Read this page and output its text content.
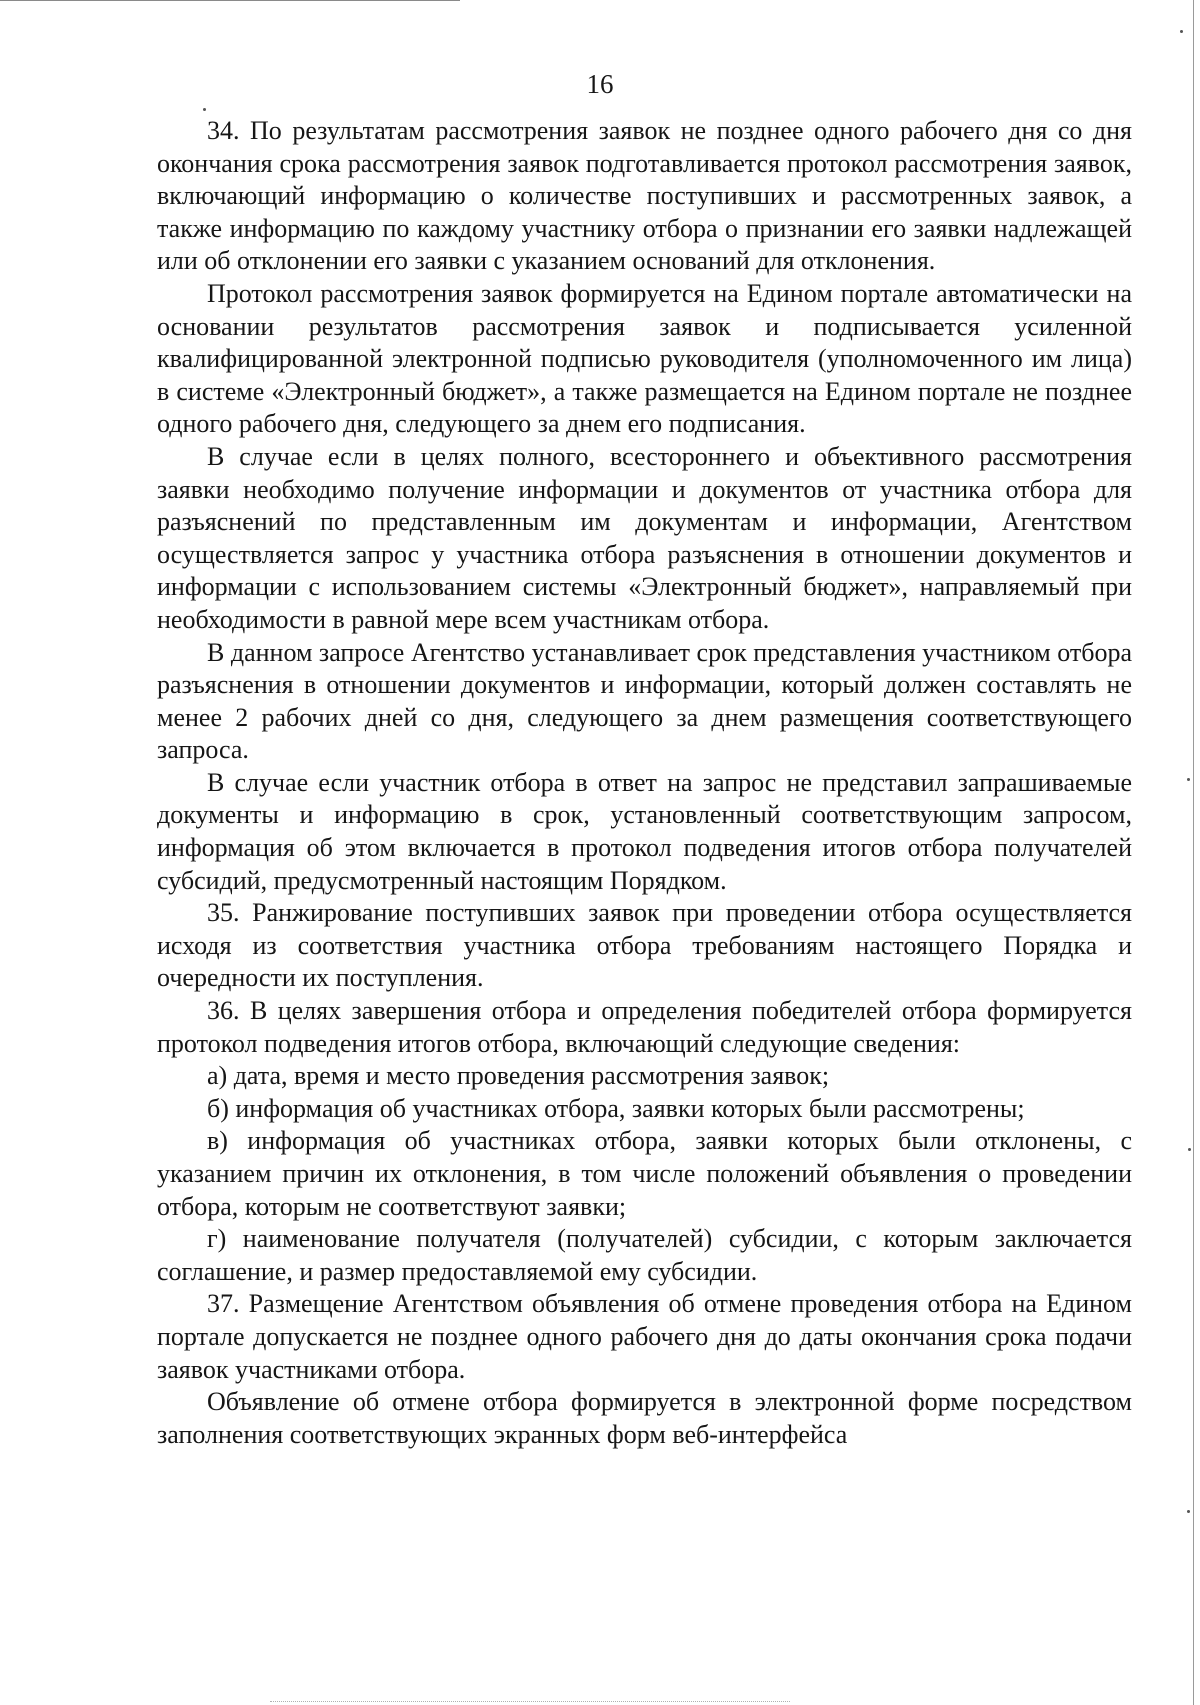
16

34. По результатам рассмотрения заявок не позднее одного рабочего дня со дня окончания срока рассмотрения заявок подготавливается протокол рассмотрения заявок, включающий информацию о количестве поступивших и рассмотренных заявок, а также информацию по каждому участнику отбора о признании его заявки надлежащей или об отклонении его заявки с указанием оснований для отклонения.

Протокол рассмотрения заявок формируется на Едином портале автоматически на основании результатов рассмотрения заявок и подписывается усиленной квалифицированной электронной подписью руководителя (уполномоченного им лица) в системе «Электронный бюджет», а также размещается на Едином портале не позднее одного рабочего дня, следующего за днем его подписания.

В случае если в целях полного, всестороннего и объективного рассмотрения заявки необходимо получение информации и документов от участника отбора для разъяснений по представленным им документам и информации, Агентством осуществляется запрос у участника отбора разъяснения в отношении документов и информации с использованием системы «Электронный бюджет», направляемый при необходимости в равной мере всем участникам отбора.

В данном запросе Агентство устанавливает срок представления участником отбора разъяснения в отношении документов и информации, который должен составлять не менее 2 рабочих дней со дня, следующего за днем размещения соответствующего запроса.

В случае если участник отбора в ответ на запрос не представил запрашиваемые документы и информацию в срок, установленный соответствующим запросом, информация об этом включается в протокол подведения итогов отбора получателей субсидий, предусмотренный настоящим Порядком.

35. Ранжирование поступивших заявок при проведении отбора осуществляется исходя из соответствия участника отбора требованиям настоящего Порядка и очередности их поступления.

36. В целях завершения отбора и определения победителей отбора формируется протокол подведения итогов отбора, включающий следующие сведения:

а) дата, время и место проведения рассмотрения заявок;

б) информация об участниках отбора, заявки которых были рассмотрены;

в) информация об участниках отбора, заявки которых были отклонены, с указанием причин их отклонения, в том числе положений объявления о проведении отбора, которым не соответствуют заявки;

г) наименование получателя (получателей) субсидии, с которым заключается соглашение, и размер предоставляемой ему субсидии.

37. Размещение Агентством объявления об отмене проведения отбора на Едином портале допускается не позднее одного рабочего дня до даты окончания срока подачи заявок участниками отбора.

Объявление об отмене отбора формируется в электронной форме посредством заполнения соответствующих экранных форм веб-интерфейса
